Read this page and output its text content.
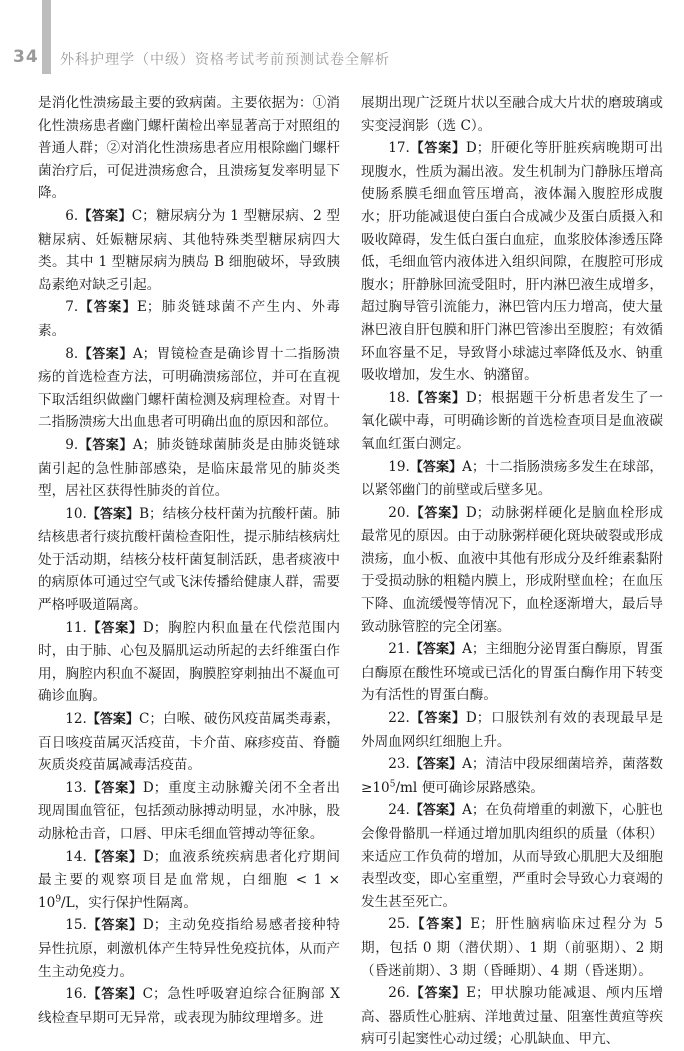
34 外科护理学（中级）资格考试考前预测试卷全解析

是消化性溃疡最主要的致病菌。主要依据为：①消化性溃疡患者幽门螺杆菌检出率显著高于对照组的普通人群；②对消化性溃疡患者应用根除幽门螺杆菌治疗后，可促进溃疡愈合，且溃疡复发率明显下降。

6.【答案】C；糖尿病分为 1 型糖尿病、2 型糖尿病、妊娠糖尿病、其他特殊类型糖尿病四大类。其中 1 型糖尿病为胰岛 B 细胞破坏，导致胰岛素绝对缺乏引起。

7.【答案】E；肺炎链球菌不产生内、外毒素。

8.【答案】A；胃镜检查是确诊胃十二指肠溃疡的首选检查方法，可明确溃疡部位，并可在直视下取活组织做幽门螺杆菌检测及病理检查。对胃十二指肠溃疡大出血患者可明确出血的原因和部位。

9.【答案】A；肺炎链球菌肺炎是由肺炎链球菌引起的急性肺部感染，是临床最常见的肺炎类型，居社区获得性肺炎的首位。

10.【答案】B；结核分枝杆菌为抗酸杆菌。肺结核患者行痰抗酸杆菌检查阳性，提示肺结核病灶处于活动期，结核分枝杆菌复制活跃，患者痰液中的病原体可通过空气或飞沫传播给健康人群，需要严格呼吸道隔离。

11.【答案】D；胸腔内积血量在代偿范围内时，由于肺、心包及膈肌运动所起的去纤维蛋白作用，胸腔内积血不凝固，胸膜腔穿刺抽出不凝血可确诊血胸。

12.【答案】C；白喉、破伤风疫苗属类毒素，百日咳疫苗属灭活疫苗，卡介苗、麻疹疫苗、脊髓灰质炎疫苗属减毒活疫苗。

13.【答案】D；重度主动脉瓣关闭不全者出现周围血管征，包括颈动脉搏动明显，水冲脉，股动脉枪击音，口唇、甲床毛细血管搏动等征象。

14.【答案】D；血液系统疾病患者化疗期间最主要的观察项目是血常规，白细胞 < $1 \times 10^9/L$，实行保护性隔离。

15.【答案】D；主动免疫指给易感者接种特异性抗原，刺激机体产生特异性免疫抗体，从而产生主动免疫力。

16.【答案】C；急性呼吸窘迫综合征胸部 X 线检查早期可无异常，或表现为肺纹理增多。进

展期出现广泛斑片状以至融合成大片状的磨玻璃或实变浸润影（选 C）。

17.【答案】D；肝硬化等肝脏疾病晚期可出现腹水，性质为漏出液。发生机制为门静脉压增高使肠系膜毛细血管压增高，液体漏入腹腔形成腹水；肝功能减退使白蛋白合成减少及蛋白质摄入和吸收障碍，发生低白蛋白血症，血浆胶体渗透压降低，毛细血管内液体进入组织间隙，在腹腔可形成腹水；肝静脉回流受阻时，肝内淋巴液生成增多，超过胸导管引流能力，淋巴管内压力增高，使大量淋巴液自肝包膜和肝门淋巴管渗出至腹腔；有效循环血容量不足，导致肾小球滤过率降低及水、钠重吸收增加，发生水、钠潴留。

18.【答案】D；根据题干分析患者发生了一氧化碳中毒，可明确诊断的首选检查项目是血液碳氧血红蛋白测定。

19.【答案】A；十二指肠溃疡多发生在球部，以紧邻幽门的前壁或后壁多见。

20.【答案】D；动脉粥样硬化是脑血栓形成最常见的原因。由于动脉粥样硬化斑块破裂或形成溃疡，血小板、血液中其他有形成分及纤维素黏附于受损动脉的粗糙内膜上，形成附壁血栓；在血压下降、血流缓慢等情况下，血栓逐渐增大，最后导致动脉管腔的完全闭塞。

21.【答案】A；主细胞分泌胃蛋白酶原，胃蛋白酶原在酸性环境或已活化的胃蛋白酶作用下转变为有活性的胃蛋白酶。

22.【答案】D；口服铁剂有效的表现最早是外周血网织红细胞上升。

23.【答案】A；清洁中段尿细菌培养，菌落数$\ge 10^5/ml$ 便可确诊尿路感染。

24.【答案】A；在负荷增重的刺激下，心脏也会像骨骼肌一样通过增加肌肉组织的质量（体积）来适应工作负荷的增加，从而导致心肌肥大及细胞表型改变，即心室重塑，严重时会导致心力衰竭的发生甚至死亡。

25.【答案】E；肝性脑病临床过程分为 5 期，包括 0 期（潜伏期）、1 期（前驱期）、2 期（昏迷前期）、3 期（昏睡期）、4 期（昏迷期）。

26.【答案】E；甲状腺功能减退、颅内压增高、器质性心脏病、洋地黄过量、阻塞性黄疸等疾病可引起窦性心动过缓；心肌缺血、甲亢、
